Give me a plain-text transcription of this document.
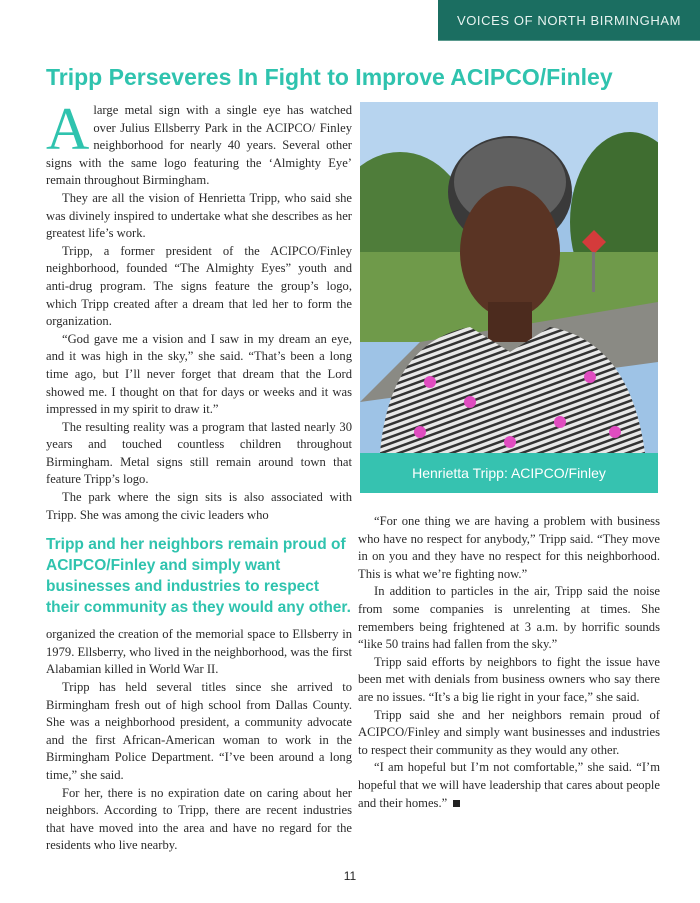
VOICES OF NORTH BIRMINGHAM
Tripp Perseveres In Fight to Improve ACIPCO/Finley

A large metal sign with a single eye has watched over Julius Ellsberry Park in the ACIPCO/ Finley neighborhood for nearly 40 years. Several other signs with the same logo featuring the ‘Almighty Eye’ remain throughout Birmingham.

They are all the vision of Henrietta Tripp, who said she was divinely inspired to undertake what she describes as her greatest life’s work.

Tripp, a former president of the ACIPCO/Finley neighborhood, founded “The Almighty Eyes” youth and anti-drug program. The signs feature the group’s logo, which Tripp created after a dream that led her to form the organization.

“God gave me a vision and I saw in my dream an eye, and it was high in the sky,” she said. “That’s been a long time ago, but I’ll never forget that dream that the Lord showed me. I thought on that for days or weeks and it was impressed in my spirit to draw it.”

The resulting reality was a program that lasted nearly 30 years and touched countless children throughout Birmingham. Metal signs still remain around town that feature Tripp’s logo.

The park where the sign sits is also associated with Tripp. She was among the civic leaders who

Tripp and her neighbors remain proud of ACIPCO/Finley and simply want businesses and industries to respect their community as they would any other.

organized the creation of the memorial space to Ellsberry in 1979. Ellsberry, who lived in the neighborhood, was the first Alabamian killed in World War II.

Tripp has held several titles since she arrived to Birmingham fresh out of high school from Dallas County. She was a neighborhood president, a community advocate and the first African-American woman to work in the Birmingham Police Department. “I’ve been around a long time,” she said.

For her, there is no expiration date on caring about her neighbors. According to Tripp, there are recent industries that have moved into the area and have no regard for the residents who live nearby.

Henrietta Tripp: ACIPCO/Finley

“For one thing we are having a problem with business who have no respect for anybody,” Tripp said. “They move in on you and they have no respect for this neighborhood. This is what we’re fighting now.”

In addition to particles in the air, Tripp said the noise from some companies is unrelenting at times. She remembers being frightened at 3 a.m. by horrific sounds “like 50 trains had fallen from the sky.”

Tripp said efforts by neighbors to fight the issue have been met with denials from business owners who say there are no issues. “It’s a big lie right in your face,” she said.

Tripp said she and her neighbors remain proud of ACIPCO/Finley and simply want businesses and industries to respect their community as they would any other.

“I am hopeful but I’m not comfortable,” she said. “I’m hopeful that we will have leadership that cares about people and their homes.”

11
